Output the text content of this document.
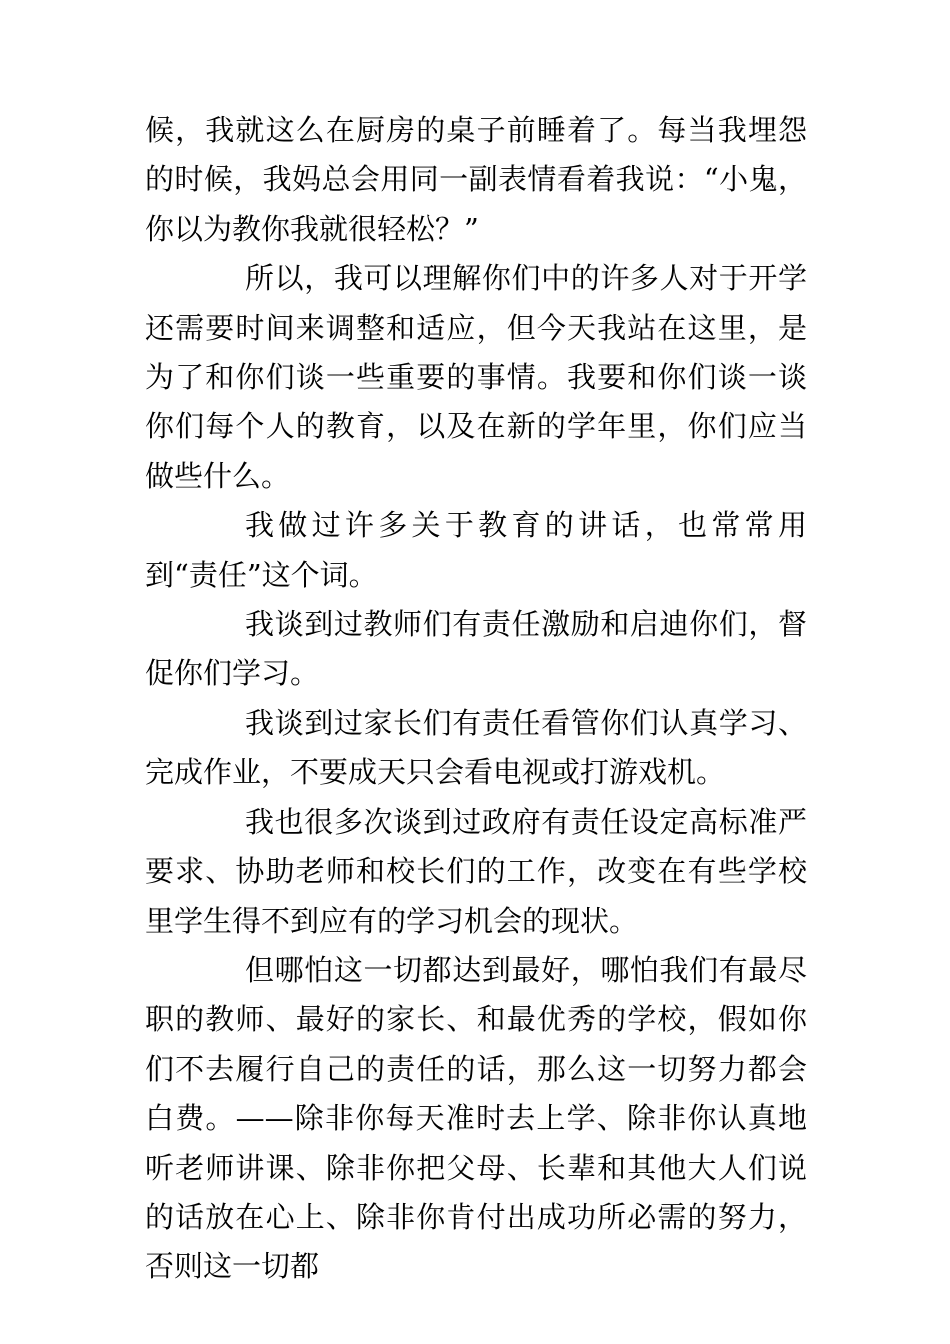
候，我就这么在厨房的桌子前睡着了。每当我埋怨的时候，我妈总会用同一副表情看着我说：“小鬼，你以为教你我就很轻松？”

所以，我可以理解你们中的许多人对于开学还需要时间来调整和适应，但今天我站在这里，是为了和你们谈一些重要的事情。我要和你们谈一谈你们每个人的教育，以及在新的学年里，你们应当做些什么。

我做过许多关于教育的讲话，也常常用到“责任”这个词。

我谈到过教师们有责任激励和启迪你们，督促你们学习。

我谈到过家长们有责任看管你们认真学习、完成作业，不要成天只会看电视或打游戏机。

我也很多次谈到过政府有责任设定高标准严要求、协助老师和校长们的工作，改变在有些学校里学生得不到应有的学习机会的现状。

但哪怕这一切都达到最好，哪怕我们有最尽职的教师、最好的家长、和最优秀的学校，假如你们不去履行自己的责任的话，那么这一切努力都会白费。——除非你每天准时去上学、除非你认真地听老师讲课、除非你把父母、长辈和其他大人们说的话放在心上、除非你肯付出成功所必需的努力，否则这一切都
